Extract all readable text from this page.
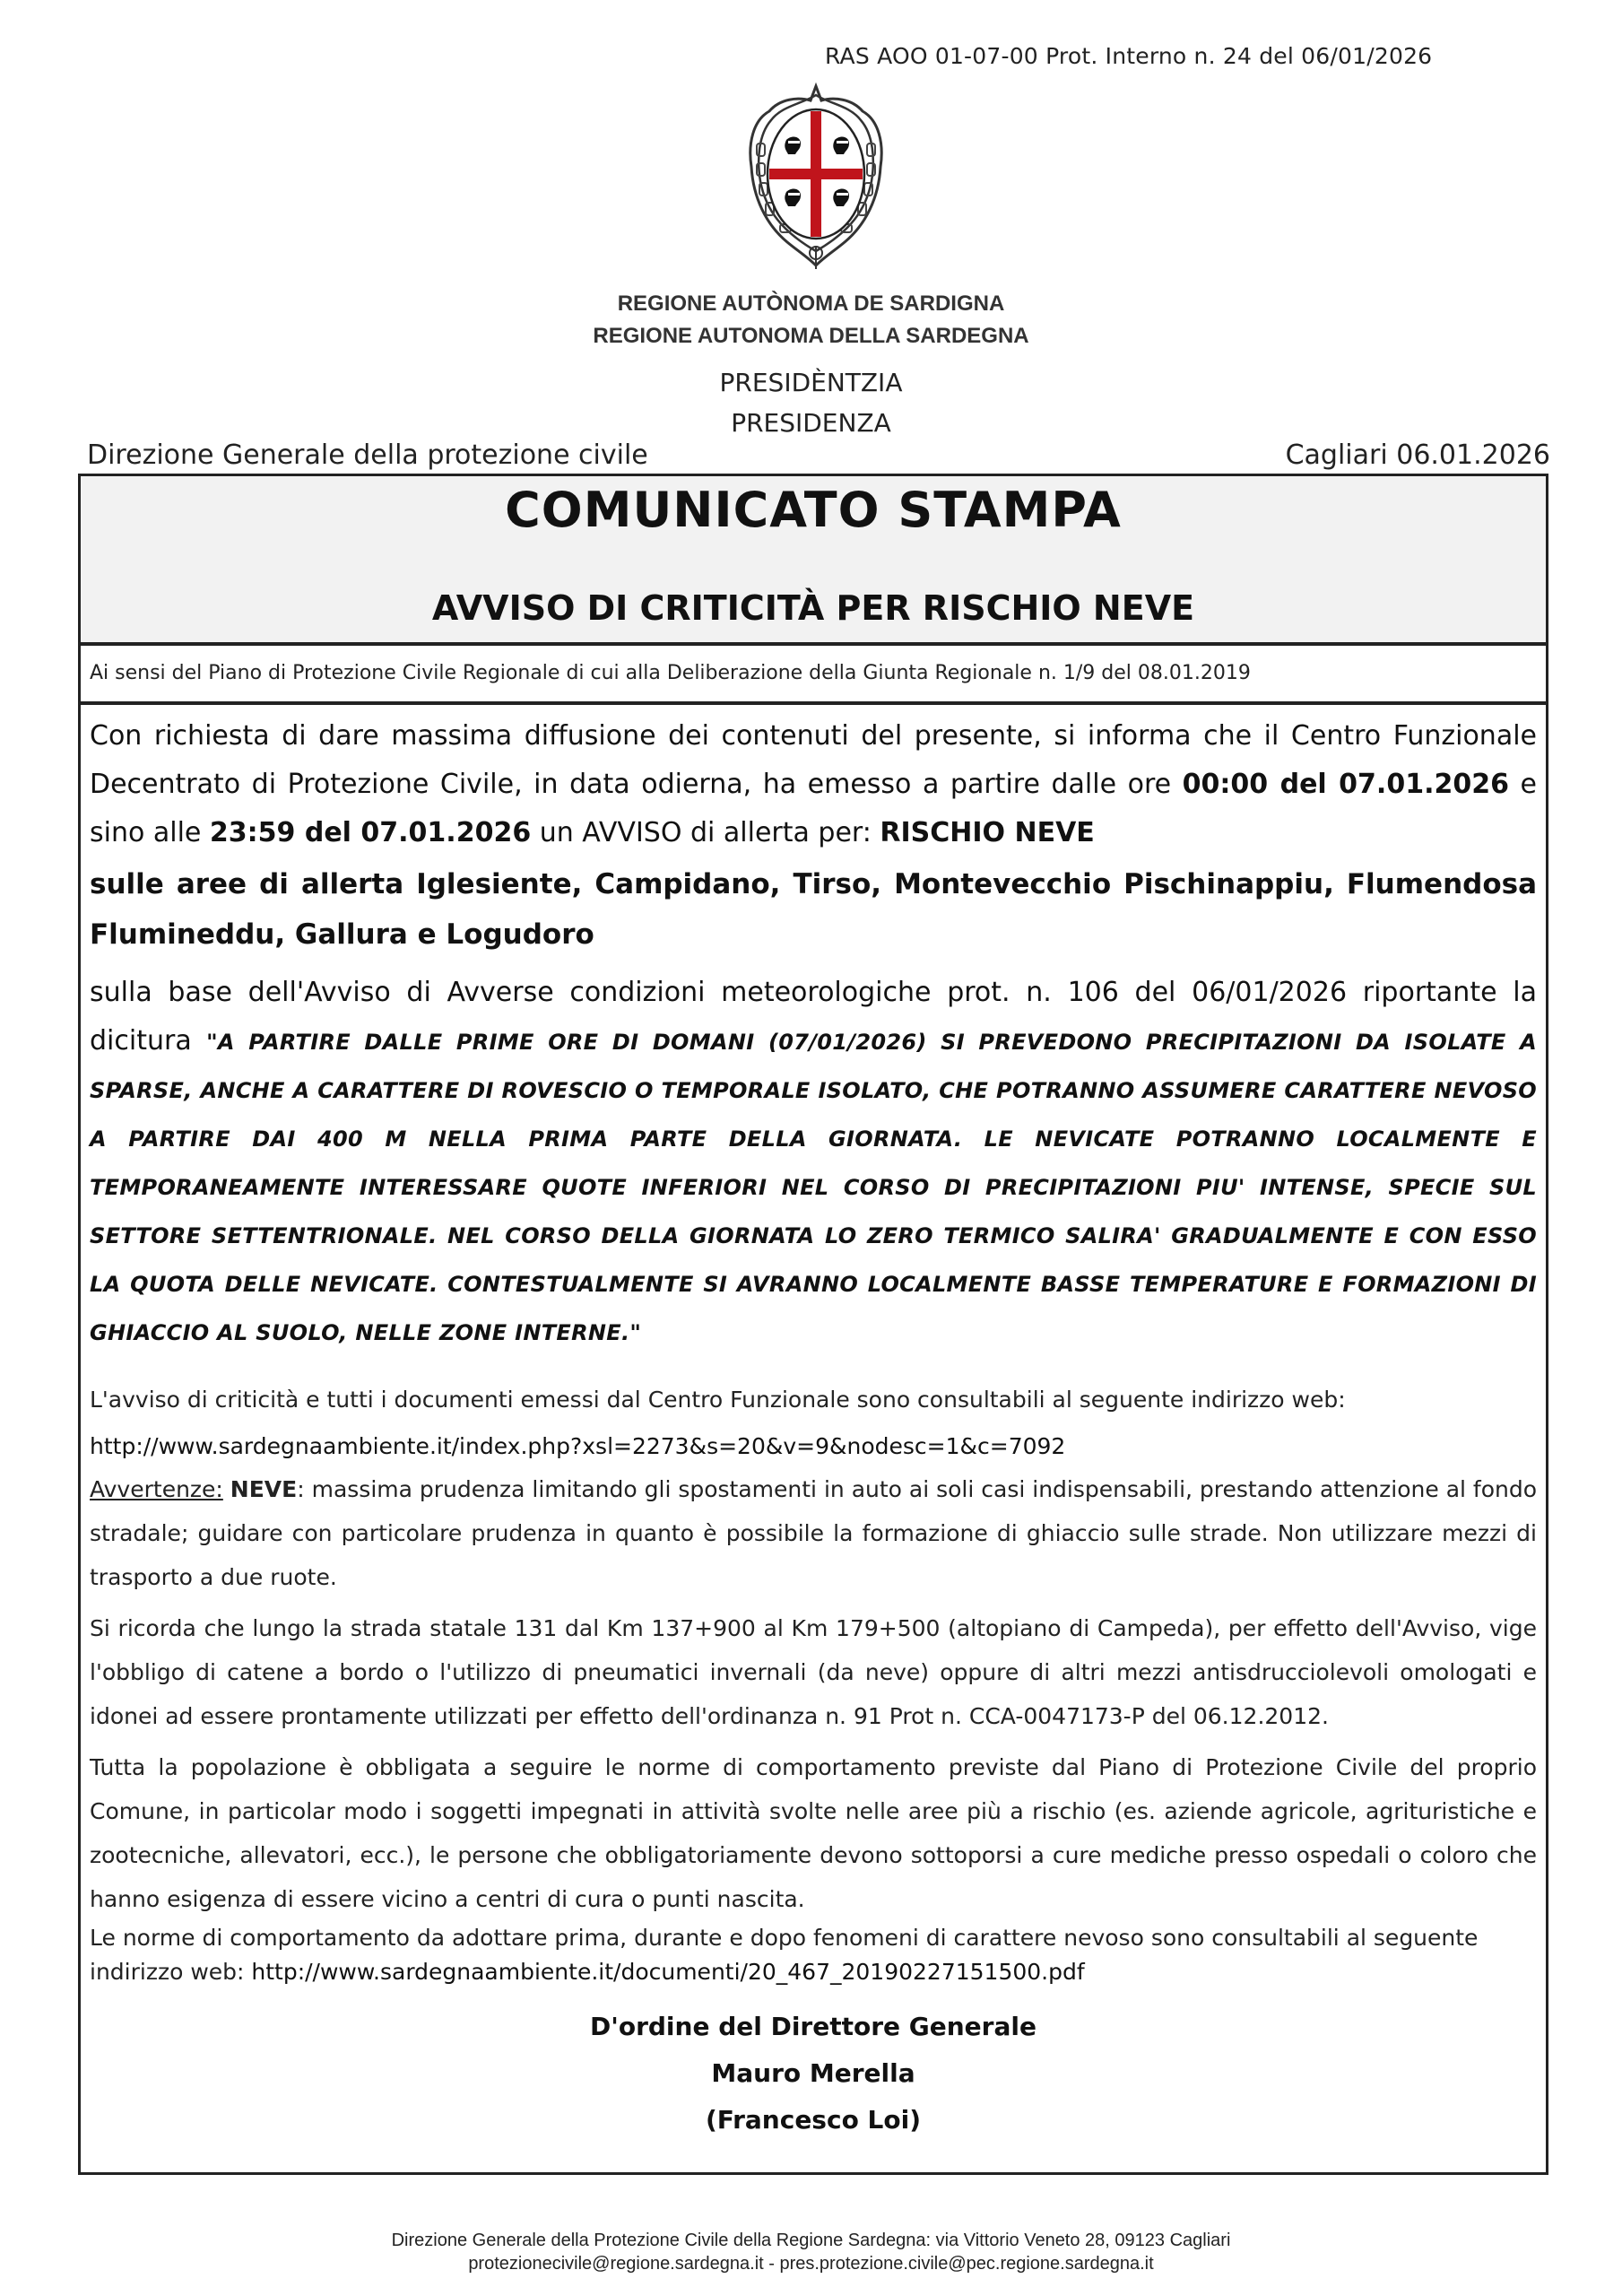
RAS AOO 01-07-00 Prot. Interno n. 24 del 06/01/2026
REGIONE AUTÒNOMA DE SARDIGNA
REGIONE AUTONOMA DELLA SARDEGNA
PRESIDÈNTZIA
PRESIDENZA
Direzione Generale della protezione civile	Cagliari 06.01.2026
COMUNICATO STAMPA
AVVISO DI CRITICITÀ PER RISCHIO NEVE
Ai sensi del Piano di Protezione Civile Regionale di cui alla Deliberazione della Giunta Regionale n. 1/9 del 08.01.2019

Con richiesta di dare massima diffusione dei contenuti del presente, si informa che il Centro Funzionale Decentrato di Protezione Civile, in data odierna, ha emesso a partire dalle ore 00:00 del 07.01.2026 e sino alle 23:59 del 07.01.2026 un AVVISO di allerta per: RISCHIO NEVE

sulle aree di allerta Iglesiente, Campidano, Tirso, Montevecchio Pischinappiu, Flumendosa Flumineddu, Gallura e Logudoro

sulla base dell'Avviso di Avverse condizioni meteorologiche prot. n. 106 del 06/01/2026 riportante la dicitura "A PARTIRE DALLE PRIME ORE DI DOMANI (07/01/2026) SI PREVEDONO PRECIPITAZIONI DA ISOLATE A SPARSE, ANCHE A CARATTERE DI ROVESCIO O TEMPORALE ISOLATO, CHE POTRANNO ASSUMERE CARATTERE NEVOSO A PARTIRE DAI 400 M NELLA PRIMA PARTE DELLA GIORNATA. LE NEVICATE POTRANNO LOCALMENTE E TEMPORANEAMENTE INTERESSARE QUOTE INFERIORI NEL CORSO DI PRECIPITAZIONI PIU' INTENSE, SPECIE SUL SETTORE SETTENTRIONALE. NEL CORSO DELLA GIORNATA LO ZERO TERMICO SALIRA' GRADUALMENTE E CON ESSO LA QUOTA DELLE NEVICATE. CONTESTUALMENTE SI AVRANNO LOCALMENTE BASSE TEMPERATURE E FORMAZIONI DI GHIACCIO AL SUOLO, NELLE ZONE INTERNE."

L'avviso di criticità e tutti i documenti emessi dal Centro Funzionale sono consultabili al seguente indirizzo web:
http://www.sardegnaambiente.it/index.php?xsl=2273&s=20&v=9&nodesc=1&c=7092

Avvertenze: NEVE: massima prudenza limitando gli spostamenti in auto ai soli casi indispensabili, prestando attenzione al fondo stradale; guidare con particolare prudenza in quanto è possibile la formazione di ghiaccio sulle strade. Non utilizzare mezzi di trasporto a due ruote.

Si ricorda che lungo la strada statale 131 dal Km 137+900 al Km 179+500 (altopiano di Campeda), per effetto dell'Avviso, vige l'obbligo di catene a bordo o l'utilizzo di pneumatici invernali (da neve) oppure di altri mezzi antisdrucciolevoli omologati e idonei ad essere prontamente utilizzati per effetto dell'ordinanza n. 91 Prot n. CCA-0047173-P del 06.12.2012.

Tutta la popolazione è obbligata a seguire le norme di comportamento previste dal Piano di Protezione Civile del proprio Comune, in particolar modo i soggetti impegnati in attività svolte nelle aree più a rischio (es. aziende agricole, agrituristiche e zootecniche, allevatori, ecc.), le persone che obbligatoriamente devono sottoporsi a cure mediche presso ospedali o coloro che hanno esigenza di essere vicino a centri di cura o punti nascita.

Le norme di comportamento da adottare prima, durante e dopo fenomeni di carattere nevoso sono consultabili al seguente indirizzo web: http://www.sardegnaambiente.it/documenti/20_467_20190227151500.pdf

D'ordine del Direttore Generale
Mauro Merella
(Francesco Loi)
Direzione Generale della Protezione Civile della Regione Sardegna: via Vittorio Veneto 28, 09123 Cagliari
protezionecivile@regione.sardegna.it - pres.protezione.civile@pec.regione.sardegna.it
